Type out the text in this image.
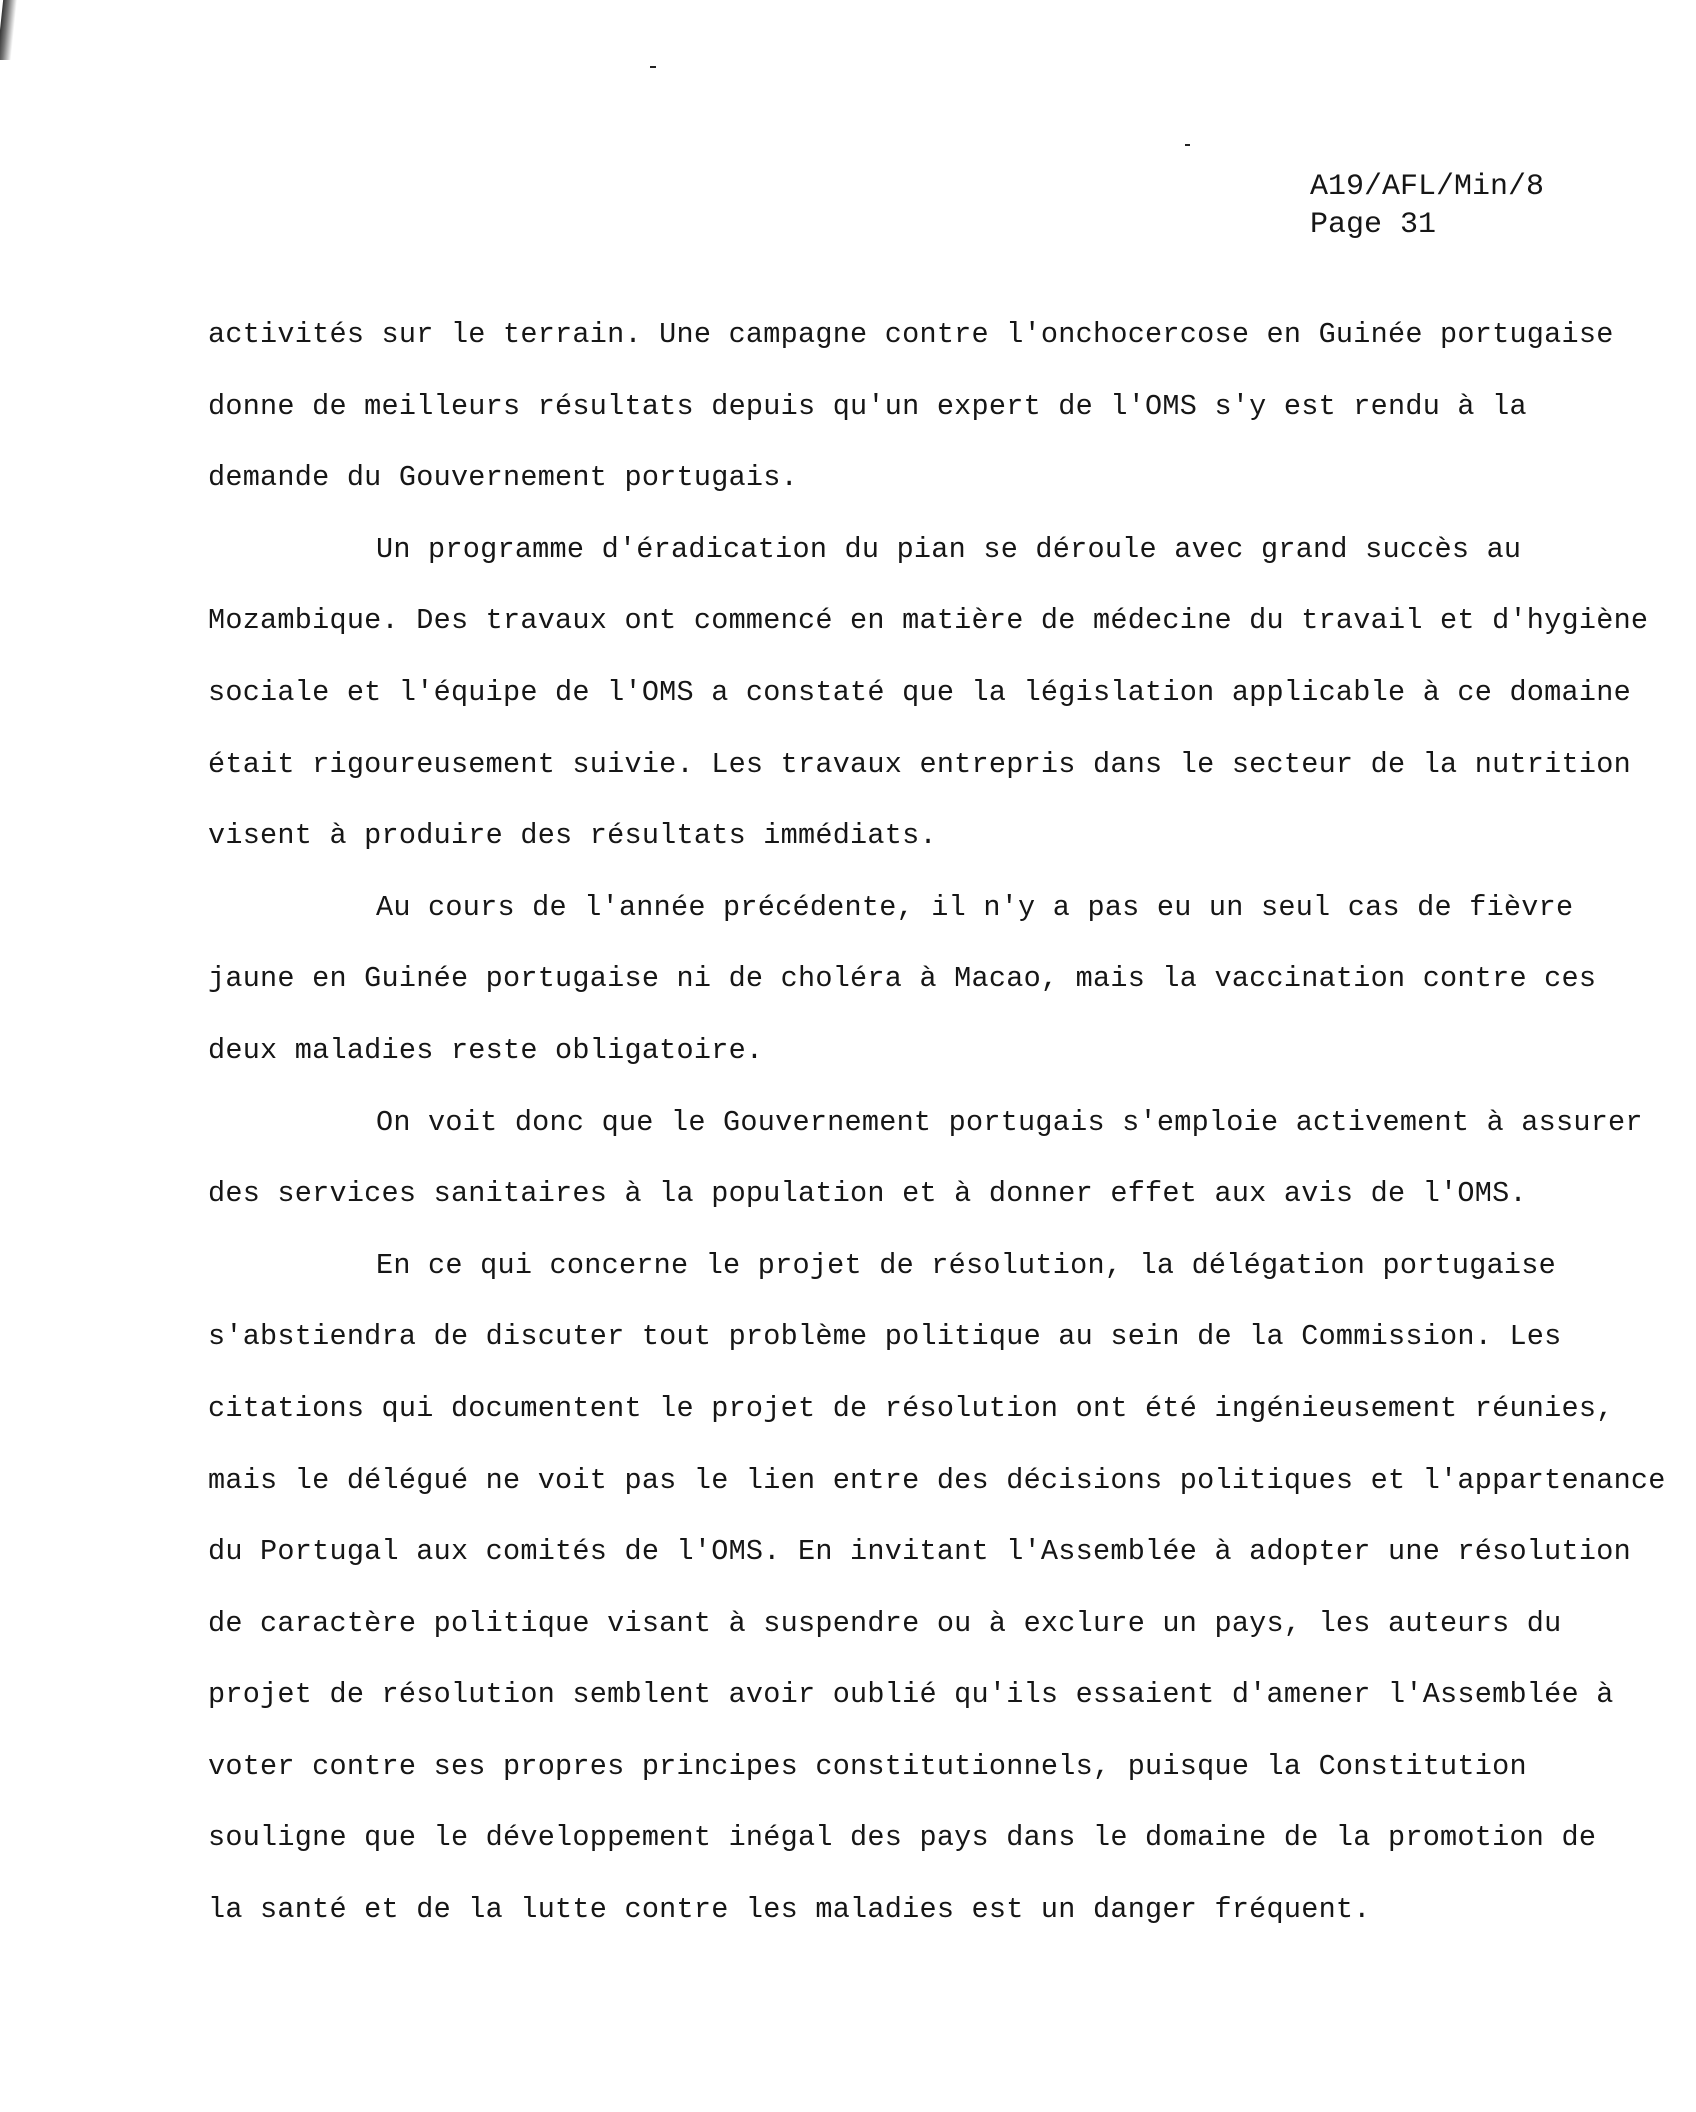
A19/AFL/Min/8
Page 31
activités sur le terrain. Une campagne contre l'onchocercose en Guinée portugaise
donne de meilleurs résultats depuis qu'un expert de l'OMS s'y est rendu à la
demande du Gouvernement portugais.
Un programme d'éradication du pian se déroule avec grand succès au
Mozambique. Des travaux ont commencé en matière de médecine du travail et d'hygiène
sociale et l'équipe de l'OMS a constaté que la législation applicable à ce domaine
était rigoureusement suivie. Les travaux entrepris dans le secteur de la nutrition
visent à produire des résultats immédiats.
Au cours de l'année précédente, il n'y a pas eu un seul cas de fièvre
jaune en Guinée portugaise ni de choléra à Macao, mais la vaccination contre ces
deux maladies reste obligatoire.
On voit donc que le Gouvernement portugais s'emploie activement à assurer
des services sanitaires à la population et à donner effet aux avis de l'OMS.
En ce qui concerne le projet de résolution, la délégation portugaise
s'abstiendra de discuter tout problème politique au sein de la Commission. Les
citations qui documentent le projet de résolution ont été ingénieusement réunies,
mais le délégué ne voit pas le lien entre des décisions politiques et l'appartenance
du Portugal aux comités de l'OMS. En invitant l'Assemblée à adopter une résolution
de caractère politique visant à suspendre ou à exclure un pays, les auteurs du
projet de résolution semblent avoir oublié qu'ils essaient d'amener l'Assemblée à
voter contre ses propres principes constitutionnels, puisque la Constitution
souligne que le développement inégal des pays dans le domaine de la promotion de
la santé et de la lutte contre les maladies est un danger fréquent.
